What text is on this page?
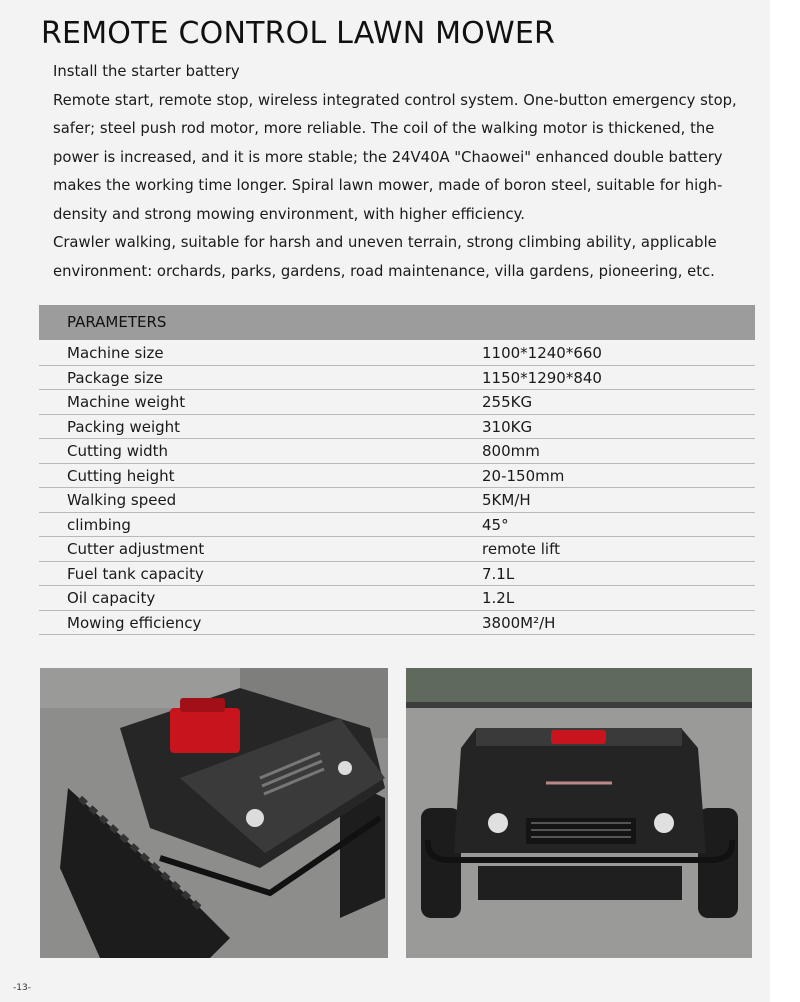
REMOTE CONTROL LAWN MOWER

Install the starter battery

Remote start, remote stop, wireless integrated control system. One-button emergency stop, safer; steel push rod motor, more reliable. The coil of the walking motor is thickened, the power is increased, and it is more stable; the 24V40A "Chaowei" enhanced double battery makes the working time longer. Spiral lawn mower, made of boron steel, suitable for high-density and strong mowing environment, with higher efficiency.

Crawler walking, suitable for harsh and uneven terrain, strong climbing ability, applicable environment: orchards, parks, gardens, road maintenance, villa gardens, pioneering, etc.

PARAMETERS
Machine size	1100*1240*660
Package size	1150*1290*840
Machine weight	255KG
Packing weight	310KG
Cutting width	800mm
Cutting height	20-150mm
Walking speed	5KM/H
climbing	45°
Cutter adjustment	remote lift
Fuel tank capacity	7.1L
Oil capacity	1.2L
Mowing efficiency	3800M²/H
-13-
